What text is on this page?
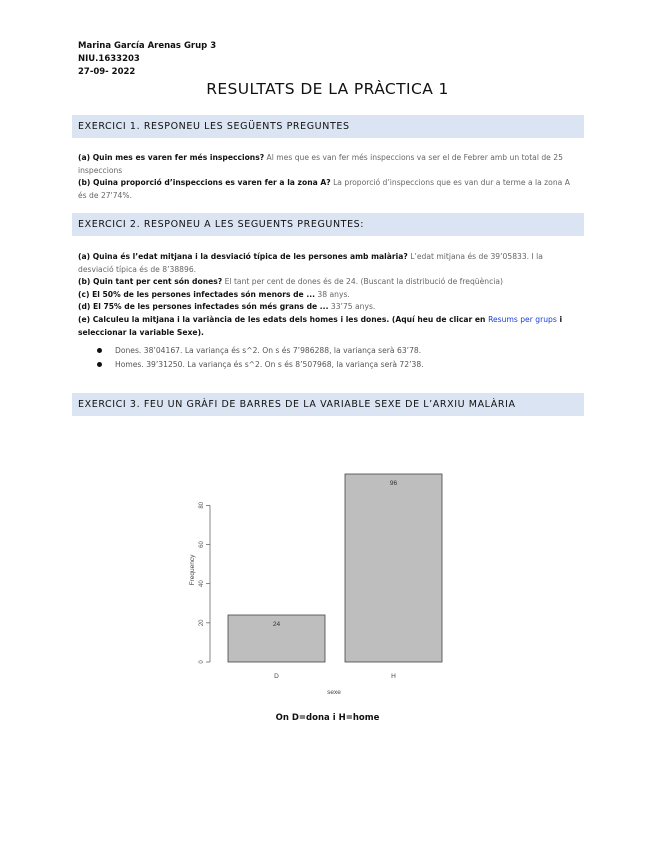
Marina García Arenas Grup 3
NIU.1633203
27-09- 2022
RESULTATS DE LA PRÀCTICA 1
EXERCICI 1. RESPONEU LES SEGÜENTS PREGUNTES
(a) Quin mes es varen fer més inspeccions? Al mes que es van fer més inspeccions va ser el de Febrer amb un total de 25 inspeccions
(b) Quina proporció d’inspeccions es varen fer a la zona A? La proporció d’inspeccions que es van dur a terme a la zona A és de 27'74%.
EXERCICI 2. RESPONEU A LES SEGUENTS PREGUNTES:
(a) Quina és l’edat mitjana i la desviació típica de les persones amb malària? L’edat mitjana és de 39’05833. I la desviació típica és de 8’38896.
(b) Quin tant per cent són dones? El tant per cent de dones és de 24. (Buscant la distribució de freqüència)
(c) El 50% de les persones infectades són menors de ... 38 anys.
(d) El 75% de les persones infectades són més grans de ... 33’75 anys.
(e) Calculeu la mitjana i la variància de les edats dels homes i les dones. (Aquí heu de clicar en Resums per grups i seleccionar la variable Sexe).
Dones. 38’04167. La variança és s^2. On s és 7’986288, la variança serà 63’78.
Homes. 39’31250. La variança és s^2. On s és 8’507968, la variança serà 72’38.
EXERCICI 3. FEU UN GRÀFI DE BARRES DE LA VARIABLE SEXE DE L’ARXIU MALÀRIA
0
20
40
60
80
24
96
D	H
Frequency
sexe
On D=dona i H=home
